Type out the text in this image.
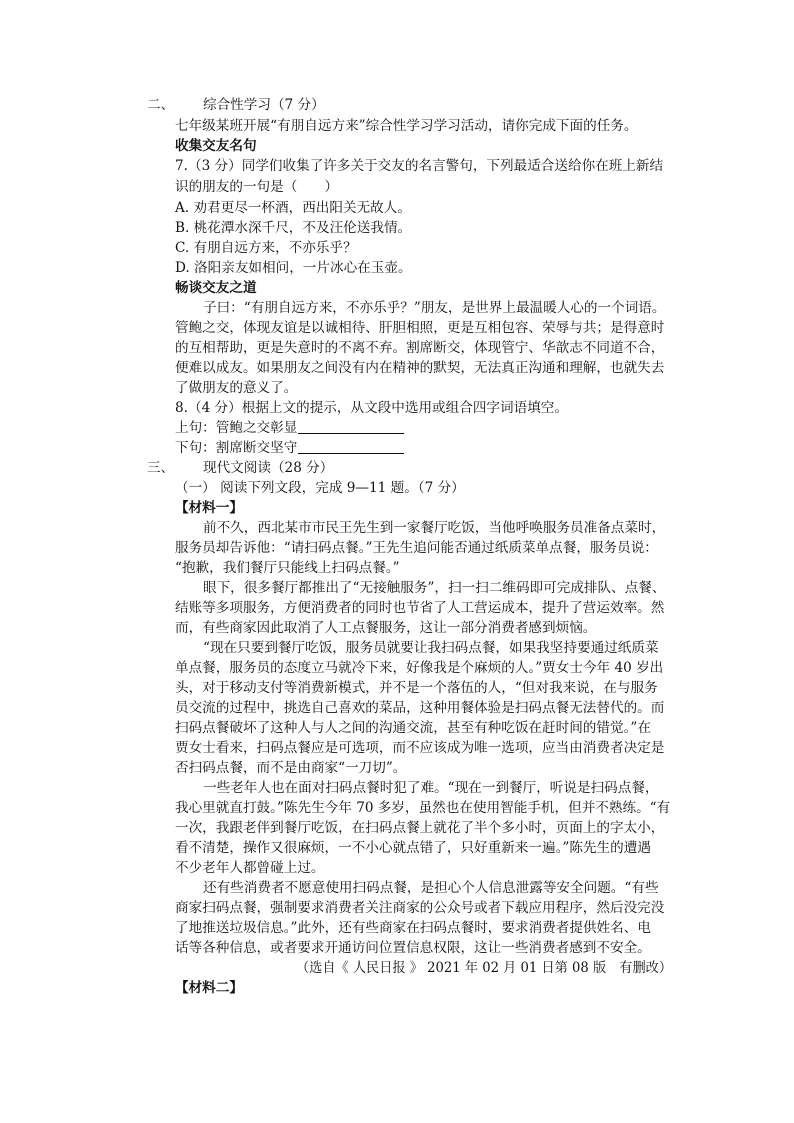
二、 综合性学习（7 分）
七年级某班开展“有朋自远方来”综合性学习学习活动，请你完成下面的任务。
收集交友名句
7.（3 分）同学们收集了许多关于交友的名言警句，下列最适合送给你在班上新结
识的朋友的一句是（　　）
A. 劝君更尽一杯酒，西出阳关无故人。
B. 桃花潭水深千尺，不及汪伦送我情。
C. 有朋自远方来，不亦乐乎？
D. 洛阳亲友如相问，一片冰心在玉壶。
畅谈交友之道
子曰：“有朋自远方来，不亦乐乎？”朋友，是世界上最温暖人心的一个词语。
管鲍之交，体现友谊是以诚相待、肝胆相照，更是互相包容、荣辱与共；是得意时
的互相帮助，更是失意时的不离不弃。割席断交，体现管宁、华歆志不同道不合，
便难以成友。如果朋友之间没有内在精神的默契，无法真正沟通和理解，也就失去
了做朋友的意义了。
8.（4 分）根据上文的提示，从文段中选用或组合四字词语填空。
上句：管鲍之交彰显
下句：割席断交坚守
三、 现代文阅读（28 分）
（一） 阅读下列文段，完成 9—11 题。（7 分）
【材料一】
前不久，西北某市市民王先生到一家餐厅吃饭，当他呼唤服务员准备点菜时，
服务员却告诉他：“请扫码点餐。”王先生追问能否通过纸质菜单点餐，服务员说：
“抱歉，我们餐厅只能线上扫码点餐。”
眼下，很多餐厅都推出了“无接触服务”，扫一扫二维码即可完成排队、点餐、
结账等多项服务，方便消费者的同时也节省了人工营运成本，提升了营运效率。然
而，有些商家因此取消了人工点餐服务，这让一部分消费者感到烦恼。
“现在只要到餐厅吃饭，服务员就要让我扫码点餐，如果我坚持要通过纸质菜
单点餐，服务员的态度立马就冷下来，好像我是个麻烦的人。”贾女士今年 40 岁出
头，对于移动支付等消费新模式，并不是一个落伍的人，“但对我来说，在与服务
员交流的过程中，挑选自己喜欢的菜品，这种用餐体验是扫码点餐无法替代的。而
扫码点餐破坏了这种人与人之间的沟通交流，甚至有种吃饭在赶时间的错觉。”在
贾女士看来，扫码点餐应是可选项，而不应该成为唯一选项，应当由消费者决定是
否扫码点餐，而不是由商家“一刀切”。
一些老年人也在面对扫码点餐时犯了难。“现在一到餐厅，听说是扫码点餐，
我心里就直打鼓。”陈先生今年 70 多岁，虽然也在使用智能手机，但并不熟练。“有
一次，我跟老伴到餐厅吃饭，在扫码点餐上就花了半个多小时，页面上的字太小，
看不清楚，操作又很麻烦，一不小心就点错了，只好重新来一遍。”陈先生的遭遇
不少老年人都曾碰上过。
还有些消费者不愿意使用扫码点餐，是担心个人信息泄露等安全问题。“有些
商家扫码点餐，强制要求消费者关注商家的公众号或者下载应用程序，然后没完没
了地推送垃圾信息。”此外，还有些商家在扫码点餐时，要求消费者提供姓名、电
话等各种信息，或者要求开通访问位置信息权限，这让一些消费者感到不安全。
（选自《 人民日报 》 2021 年 02 月 01 日第 08 版　有删改）
【材料二】
